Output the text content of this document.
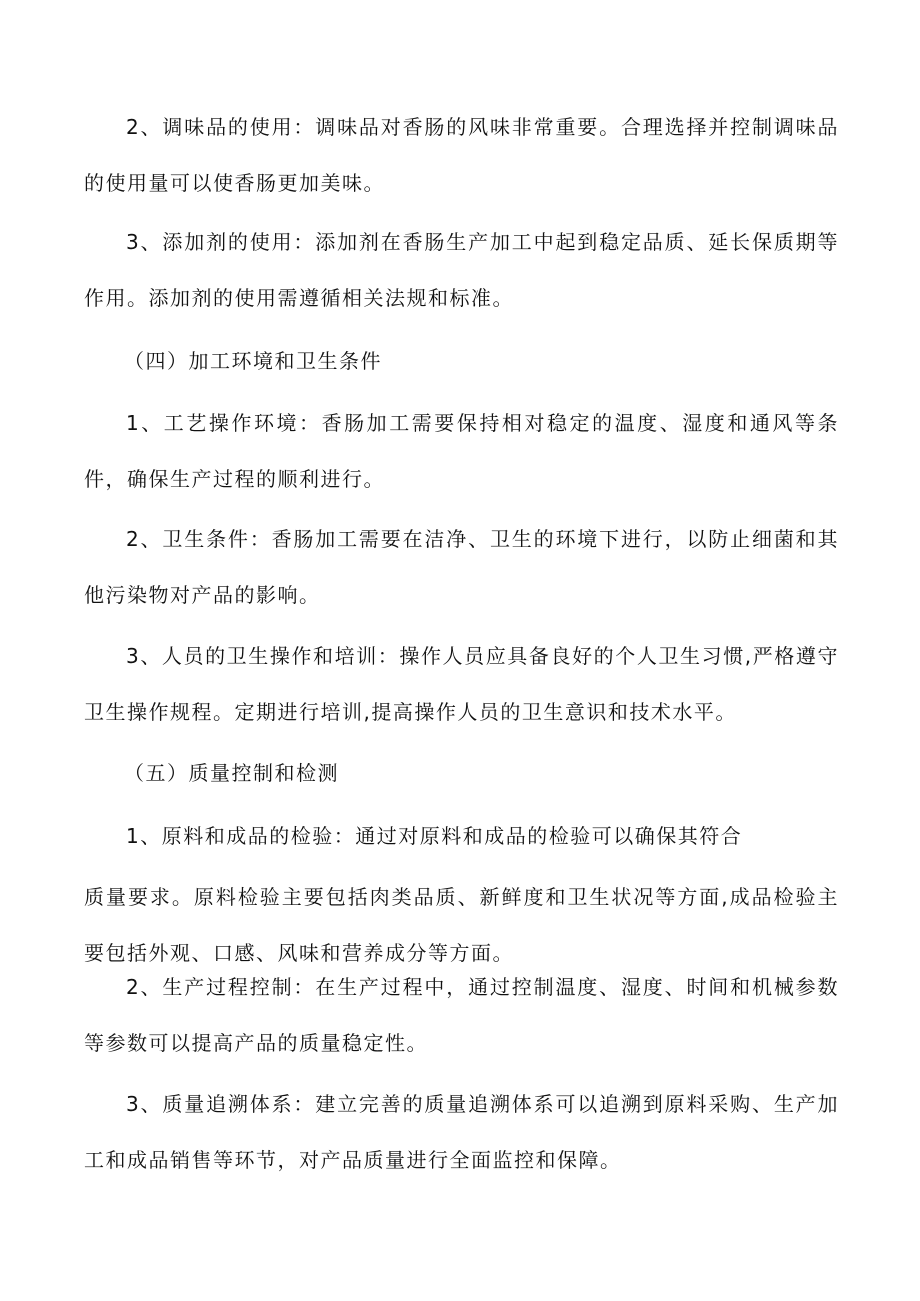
2、调味品的使用：调味品对香肠的风味非常重要。合理选择并控制调味品的使用量可以使香肠更加美味。

3、添加剂的使用：添加剂在香肠生产加工中起到稳定品质、延长保质期等作用。添加剂的使用需遵循相关法规和标准。

（四）加工环境和卫生条件

1、工艺操作环境：香肠加工需要保持相对稳定的温度、湿度和通风等条件，确保生产过程的顺利进行。

2、卫生条件：香肠加工需要在洁净、卫生的环境下进行，以防止细菌和其他污染物对产品的影响。

3、人员的卫生操作和培训：操作人员应具备良好的个人卫生习惯,严格遵守卫生操作规程。定期进行培训,提高操作人员的卫生意识和技术水平。

（五）质量控制和检测

1、原料和成品的检验：通过对原料和成品的检验可以确保其符合

质量要求。原料检验主要包括肉类品质、新鲜度和卫生状况等方面,成品检验主要包括外观、口感、风味和营养成分等方面。

2、生产过程控制：在生产过程中，通过控制温度、湿度、时间和机械参数等参数可以提高产品的质量稳定性。

3、质量追溯体系：建立完善的质量追溯体系可以追溯到原料采购、生产加工和成品销售等环节，对产品质量进行全面监控和保障。
